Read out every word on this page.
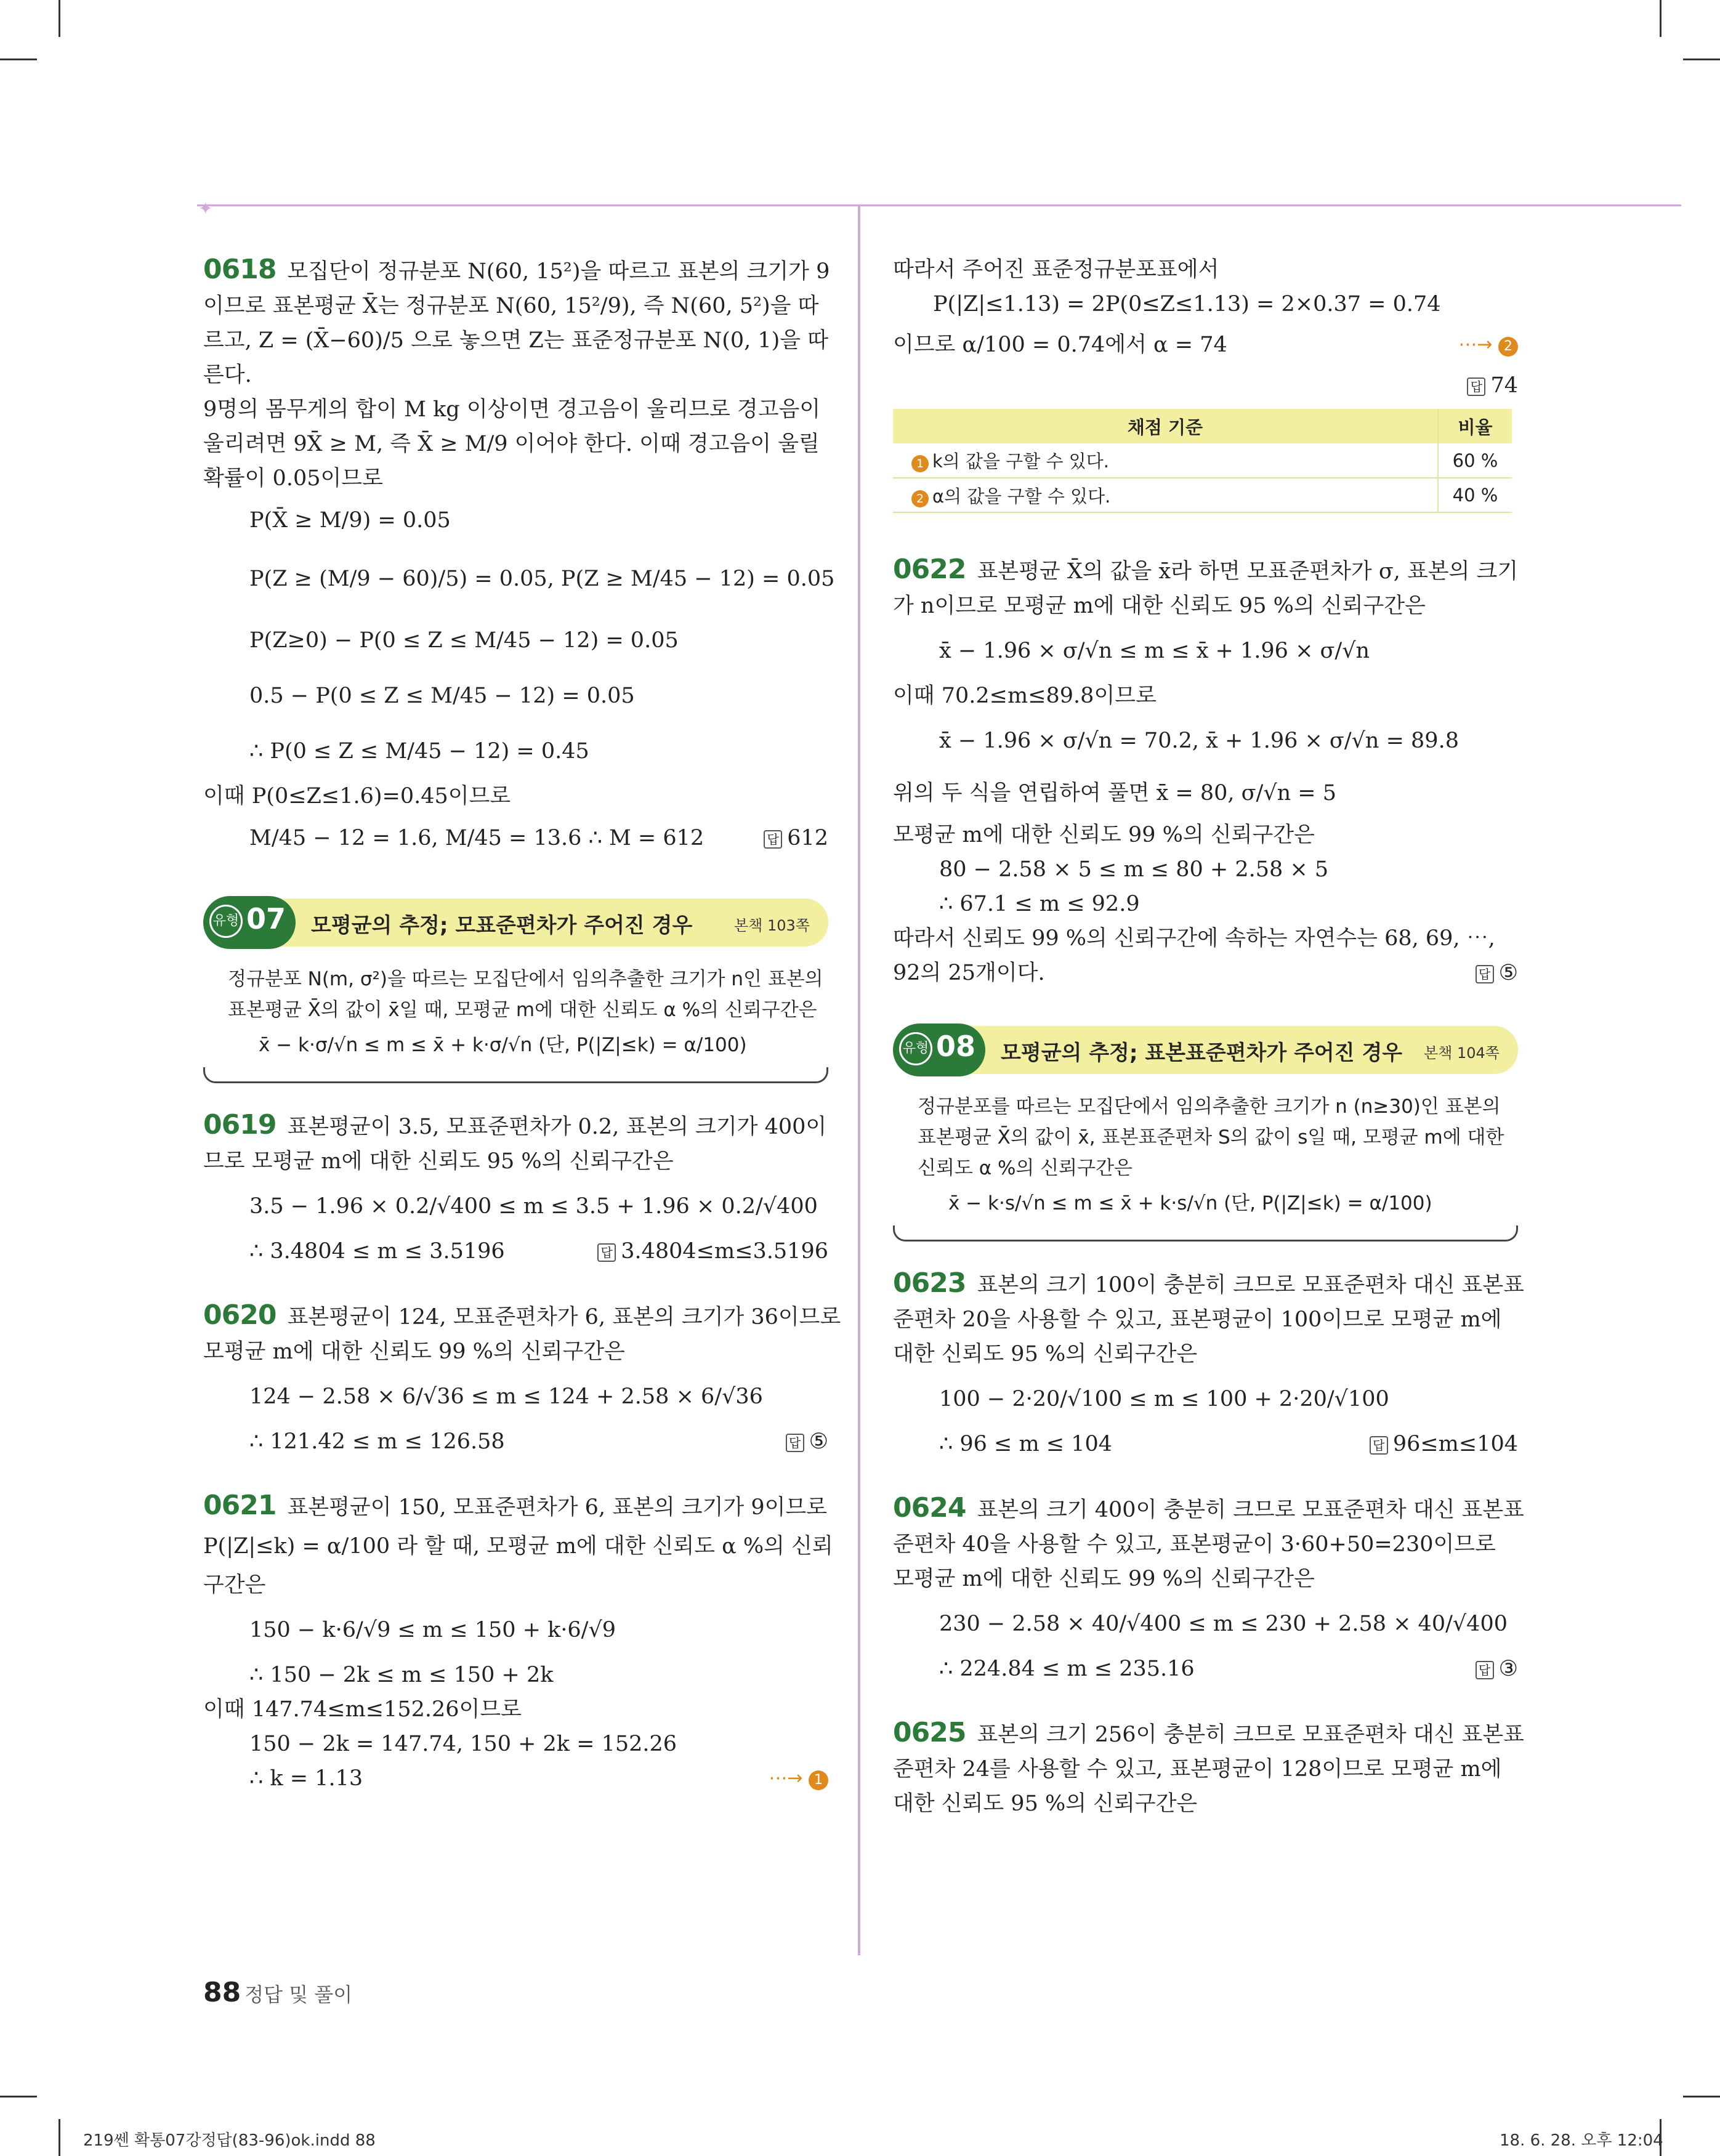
✦
0618 모집단이 정규분포 N(60, 15²)을 따르고 표본의 크기가 9
이므로 표본평균 X̄는 정규분포 N(60, 15²/9), 즉 N(60, 5²)을 따
르고, Z = (X̄−60)/5 으로 놓으면 Z는 표준정규분포 N(0, 1)을 따
른다.
9명의 몸무게의 합이 M kg 이상이면 경고음이 울리므로 경고음이
울리려면 9X̄ ≥ M, 즉 X̄ ≥ M/9 이어야 한다. 이때 경고음이 울릴
확률이 0.05이므로
P(X̄ ≥ M/9) = 0.05
P(Z ≥ (M/9 − 60)/5) = 0.05, P(Z ≥ M/45 − 12) = 0.05
P(Z≥0) − P(0 ≤ Z ≤ M/45 − 12) = 0.05
0.5 − P(0 ≤ Z ≤ M/45 − 12) = 0.05
∴ P(0 ≤ Z ≤ M/45 − 12) = 0.45
이때 P(0≤Z≤1.6)=0.45이므로
M/45 − 12 = 1.6, M/45 = 13.6 ∴ M = 612	답 612
유형 07 모평균의 추정; 모표준편차가 주어진 경우	본책 103쪽
정규분포 N(m, σ²)을 따르는 모집단에서 임의추출한 크기가 n인 표본의
표본평균 X̄의 값이 x̄일 때, 모평균 m에 대한 신뢰도 α %의 신뢰구간은
x̄ − k·σ/√n ≤ m ≤ x̄ + k·σ/√n (단, P(|Z|≤k) = α/100)
0619 표본평균이 3.5, 모표준편차가 0.2, 표본의 크기가 400이
므로 모평균 m에 대한 신뢰도 95 %의 신뢰구간은
3.5 − 1.96 × 0.2/√400 ≤ m ≤ 3.5 + 1.96 × 0.2/√400
∴ 3.4804 ≤ m ≤ 3.5196	답 3.4804≤m≤3.5196
0620 표본평균이 124, 모표준편차가 6, 표본의 크기가 36이므로
모평균 m에 대한 신뢰도 99 %의 신뢰구간은
124 − 2.58 × 6/√36 ≤ m ≤ 124 + 2.58 × 6/√36
∴ 121.42 ≤ m ≤ 126.58	답 ⑤
0621 표본평균이 150, 모표준편차가 6, 표본의 크기가 9이므로
P(|Z|≤k) = α/100 라 할 때, 모평균 m에 대한 신뢰도 α %의 신뢰
구간은
150 − k·6/√9 ≤ m ≤ 150 + k·6/√9
∴ 150 − 2k ≤ m ≤ 150 + 2k
이때 147.74≤m≤152.26이므로
150 − 2k = 147.74, 150 + 2k = 152.26
∴ k = 1.13	⋯→ 1
따라서 주어진 표준정규분포표에서
P(|Z|≤1.13) = 2P(0≤Z≤1.13) = 2×0.37 = 0.74
이므로 α/100 = 0.74에서 α = 74	⋯→ 2
답 74
채점 기준	비율
1 k의 값을 구할 수 있다.	60 %
2 α의 값을 구할 수 있다.	40 %
0622 표본평균 X̄의 값을 x̄라 하면 모표준편차가 σ, 표본의 크기
가 n이므로 모평균 m에 대한 신뢰도 95 %의 신뢰구간은
x̄ − 1.96 × σ/√n ≤ m ≤ x̄ + 1.96 × σ/√n
이때 70.2≤m≤89.8이므로
x̄ − 1.96 × σ/√n = 70.2, x̄ + 1.96 × σ/√n = 89.8
위의 두 식을 연립하여 풀면 x̄ = 80, σ/√n = 5
모평균 m에 대한 신뢰도 99 %의 신뢰구간은
80 − 2.58 × 5 ≤ m ≤ 80 + 2.58 × 5
∴ 67.1 ≤ m ≤ 92.9
따라서 신뢰도 99 %의 신뢰구간에 속하는 자연수는 68, 69, ⋯,
92의 25개이다.	답 ⑤
유형 08 모평균의 추정; 표본표준편차가 주어진 경우 본책 104쪽
정규분포를 따르는 모집단에서 임의추출한 크기가 n (n≥30)인 표본의
표본평균 X̄의 값이 x̄, 표본표준편차 S의 값이 s일 때, 모평균 m에 대한
신뢰도 α %의 신뢰구간은
x̄ − k·s/√n ≤ m ≤ x̄ + k·s/√n (단, P(|Z|≤k) = α/100)
0623 표본의 크기 100이 충분히 크므로 모표준편차 대신 표본표
준편차 20을 사용할 수 있고, 표본평균이 100이므로 모평균 m에
대한 신뢰도 95 %의 신뢰구간은
100 − 2·20/√100 ≤ m ≤ 100 + 2·20/√100
∴ 96 ≤ m ≤ 104	답 96≤m≤104
0624 표본의 크기 400이 충분히 크므로 모표준편차 대신 표본표
준편차 40을 사용할 수 있고, 표본평균이 3·60+50=230이므로
모평균 m에 대한 신뢰도 99 %의 신뢰구간은
230 − 2.58 × 40/√400 ≤ m ≤ 230 + 2.58 × 40/√400
∴ 224.84 ≤ m ≤ 235.16	답 ③
0625 표본의 크기 256이 충분히 크므로 모표준편차 대신 표본표
준편차 24를 사용할 수 있고, 표본평균이 128이므로 모평균 m에
대한 신뢰도 95 %의 신뢰구간은
88 정답 및 풀이
219쎈 확통07강정답(83-96)ok.indd 88	18. 6. 28. 오후 12:04
